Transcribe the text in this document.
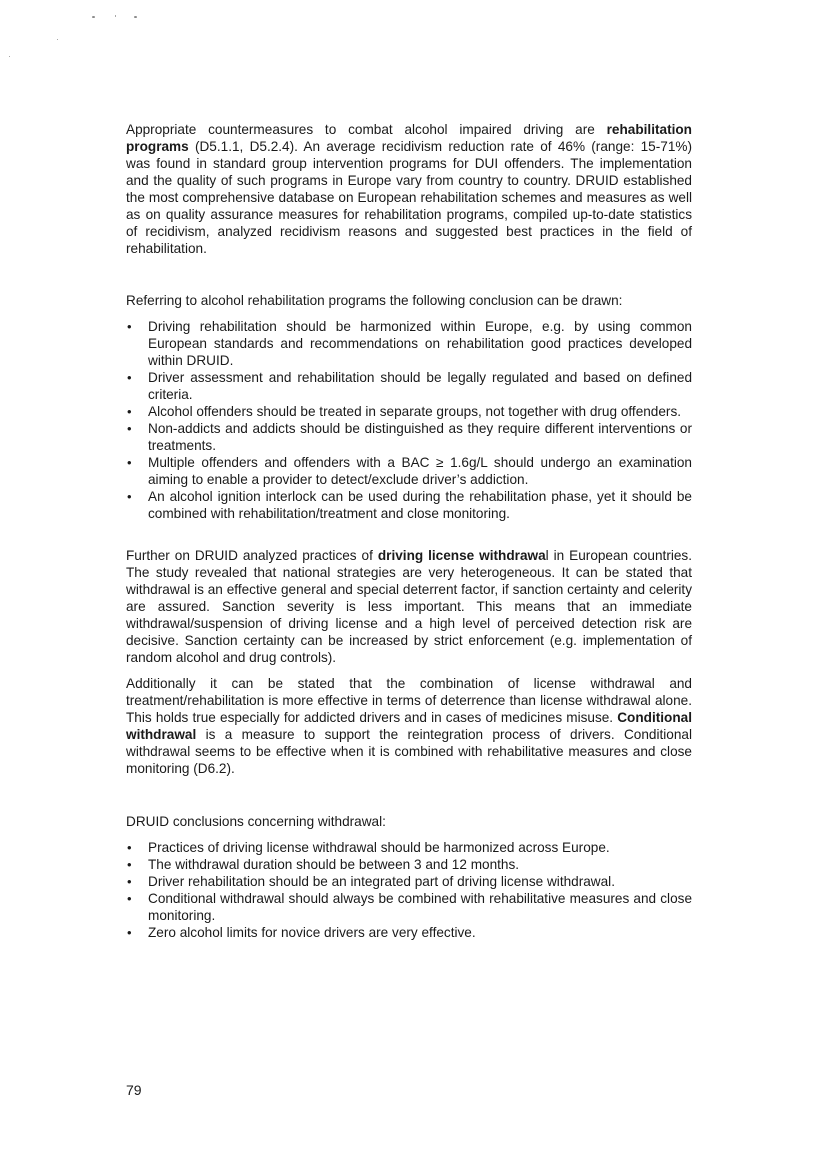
Appropriate countermeasures to combat alcohol impaired driving are rehabilitation programs (D5.1.1, D5.2.4). An average recidivism reduction rate of 46% (range: 15-71%) was found in standard group intervention programs for DUI offenders. The implementation and the quality of such programs in Europe vary from country to country. DRUID established the most comprehensive database on European rehabilitation schemes and measures as well as on quality assurance measures for rehabilitation programs, compiled up-to-date statistics of recidivism, analyzed recidivism reasons and suggested best practices in the field of rehabilitation.

Referring to alcohol rehabilitation programs the following conclusion can be drawn:

• Driving rehabilitation should be harmonized within Europe, e.g. by using common European standards and recommendations on rehabilitation good practices developed within DRUID.
• Driver assessment and rehabilitation should be legally regulated and based on defined criteria.
• Alcohol offenders should be treated in separate groups, not together with drug offenders.
• Non-addicts and addicts should be distinguished as they require different interventions or treatments.
• Multiple offenders and offenders with a BAC ≥ 1.6g/L should undergo an examination aiming to enable a provider to detect/exclude driver’s addiction.
• An alcohol ignition interlock can be used during the rehabilitation phase, yet it should be combined with rehabilitation/treatment and close monitoring.

Further on DRUID analyzed practices of driving license withdrawal in European countries. The study revealed that national strategies are very heterogeneous. It can be stated that withdrawal is an effective general and special deterrent factor, if sanction certainty and celerity are assured. Sanction severity is less important. This means that an immediate withdrawal/suspension of driving license and a high level of perceived detection risk are decisive. Sanction certainty can be increased by strict enforcement (e.g. implementation of random alcohol and drug controls).

Additionally it can be stated that the combination of license withdrawal and treatment/rehabilitation is more effective in terms of deterrence than license withdrawal alone. This holds true especially for addicted drivers and in cases of medicines misuse. Conditional withdrawal is a measure to support the reintegration process of drivers. Conditional withdrawal seems to be effective when it is combined with rehabilitative measures and close monitoring (D6.2).

DRUID conclusions concerning withdrawal:

• Practices of driving license withdrawal should be harmonized across Europe.
• The withdrawal duration should be between 3 and 12 months.
• Driver rehabilitation should be an integrated part of driving license withdrawal.
• Conditional withdrawal should always be combined with rehabilitative measures and close monitoring.
• Zero alcohol limits for novice drivers are very effective.
79
